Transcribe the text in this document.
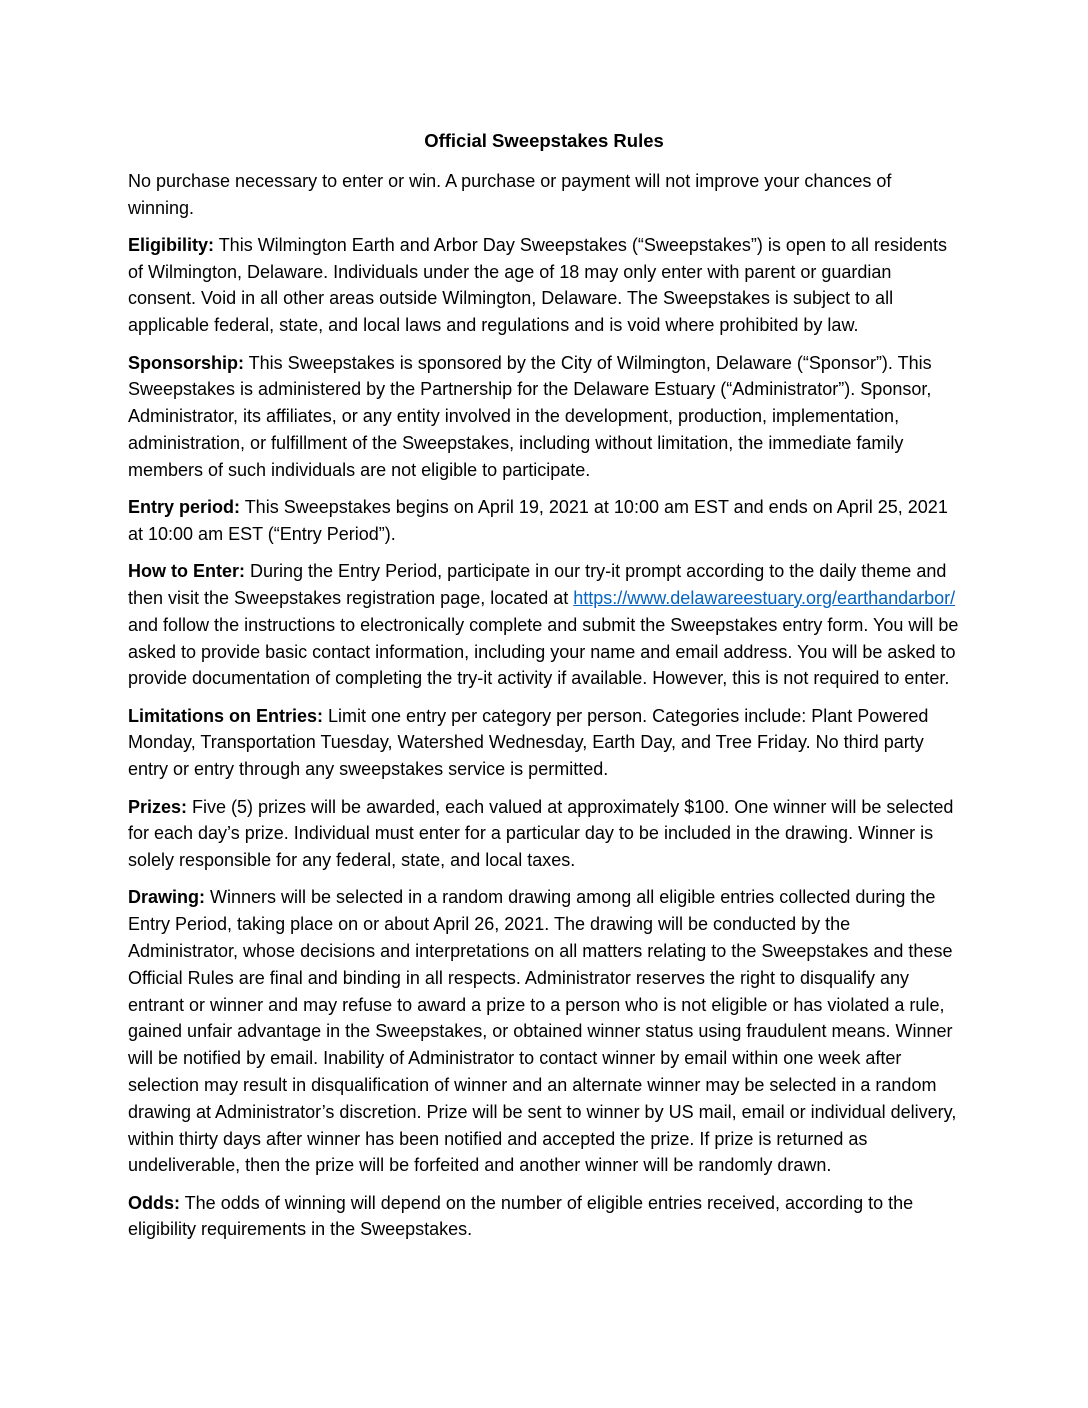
Official Sweepstakes Rules

No purchase necessary to enter or win. A purchase or payment will not improve your chances of winning.

Eligibility: This Wilmington Earth and Arbor Day Sweepstakes (“Sweepstakes”) is open to all residents of Wilmington, Delaware. Individuals under the age of 18 may only enter with parent or guardian consent. Void in all other areas outside Wilmington, Delaware. The Sweepstakes is subject to all applicable federal, state, and local laws and regulations and is void where prohibited by law.

Sponsorship: This Sweepstakes is sponsored by the City of Wilmington, Delaware (“Sponsor”). This Sweepstakes is administered by the Partnership for the Delaware Estuary (“Administrator”). Sponsor, Administrator, its affiliates, or any entity involved in the development, production, implementation, administration, or fulfillment of the Sweepstakes, including without limitation, the immediate family members of such individuals are not eligible to participate.

Entry period: This Sweepstakes begins on April 19, 2021 at 10:00 am EST and ends on April 25, 2021 at 10:00 am EST (“Entry Period”).

How to Enter: During the Entry Period, participate in our try-it prompt according to the daily theme and then visit the Sweepstakes registration page, located at https://www.delawareestuary.org/earthandarbor/ and follow the instructions to electronically complete and submit the Sweepstakes entry form. You will be asked to provide basic contact information, including your name and email address. You will be asked to provide documentation of completing the try-it activity if available. However, this is not required to enter.

Limitations on Entries: Limit one entry per category per person. Categories include: Plant Powered Monday, Transportation Tuesday, Watershed Wednesday, Earth Day, and Tree Friday. No third party entry or entry through any sweepstakes service is permitted.

Prizes: Five (5) prizes will be awarded, each valued at approximately $100. One winner will be selected for each day’s prize. Individual must enter for a particular day to be included in the drawing. Winner is solely responsible for any federal, state, and local taxes.

Drawing: Winners will be selected in a random drawing among all eligible entries collected during the Entry Period, taking place on or about April 26, 2021. The drawing will be conducted by the Administrator, whose decisions and interpretations on all matters relating to the Sweepstakes and these Official Rules are final and binding in all respects. Administrator reserves the right to disqualify any entrant or winner and may refuse to award a prize to a person who is not eligible or has violated a rule, gained unfair advantage in the Sweepstakes, or obtained winner status using fraudulent means. Winner will be notified by email. Inability of Administrator to contact winner by email within one week after selection may result in disqualification of winner and an alternate winner may be selected in a random drawing at Administrator’s discretion. Prize will be sent to winner by US mail, email or individual delivery, within thirty days after winner has been notified and accepted the prize. If prize is returned as undeliverable, then the prize will be forfeited and another winner will be randomly drawn.

Odds: The odds of winning will depend on the number of eligible entries received, according to the eligibility requirements in the Sweepstakes.
